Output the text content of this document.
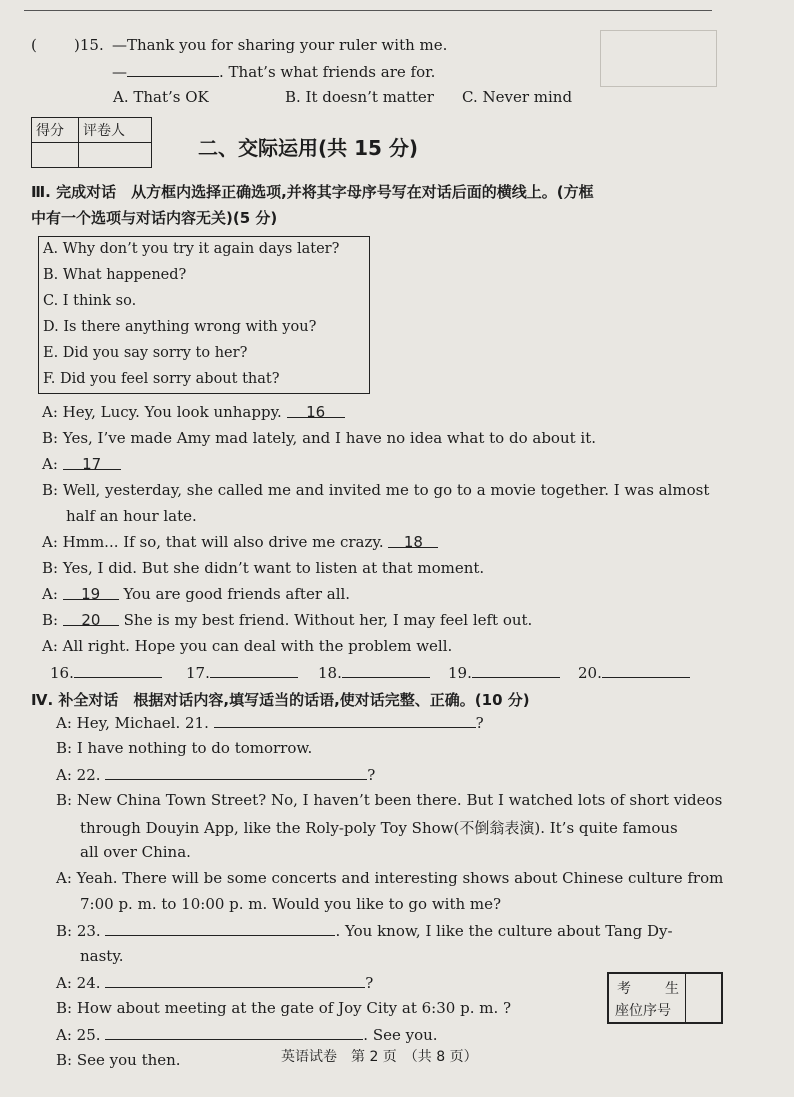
( )15. —Thank you for sharing your ruler with me.
—	. That’s what friends are for.
A. That’s OK	B. It doesn’t matter C. Never mind
得分	评卷人

二、交际运用(共 15 分)
Ⅲ. 完成对话　从方框内选择正确选项,并将其字母序号写在对话后面的横线上。(方框
中有一个选项与对话内容无关)(5 分)
A. Why don’t you try it again days later?
B. What happened?
C. I think so.
D. Is there anything wrong with you?
E. Did you say sorry to her?
F. Did you feel sorry about that?
A: Hey, Lucy. You look unhappy. 16
B: Yes, I’ve made Amy mad lately, and I have no idea what to do about it.
A: 17
B: Well, yesterday, she called me and invited me to go to a movie together. I was almost
half an hour late.
A: Hmm... If so, that will also drive me crazy. 18
B: Yes, I did. But she didn’t want to listen at that moment.
A: 19 You are good friends after all.
B: 20 She is my best friend. Without her, I may feel left out.
A: All right. Hope you can deal with the problem well.
16.	17.	18.	19.	20.
Ⅳ. 补全对话　根据对话内容,填写适当的话语,使对话完整、正确。(10 分)
A: Hey, Michael. 21.	?
B: I have nothing to do tomorrow.
A: 22.	?
B: New China Town Street? No, I haven’t been there. But I watched lots of short videos
through Douyin App, like the Roly-poly Toy Show(不倒翁表演). It’s quite famous
all over China.
A: Yeah. There will be some concerts and interesting shows about Chinese culture from
7:00 p. m. to 10:00 p. m. Would you like to go with me?
B: 23.	. You know, I like the culture about Tang Dy-
nasty.
A: 24.	?
B: How about meeting at the gate of Joy City at 6:30 p. m. ?
A: 25.	. See you.
B: See you then.
考 生
座位序号
英语试卷　第 2 页　（共 8 页）
